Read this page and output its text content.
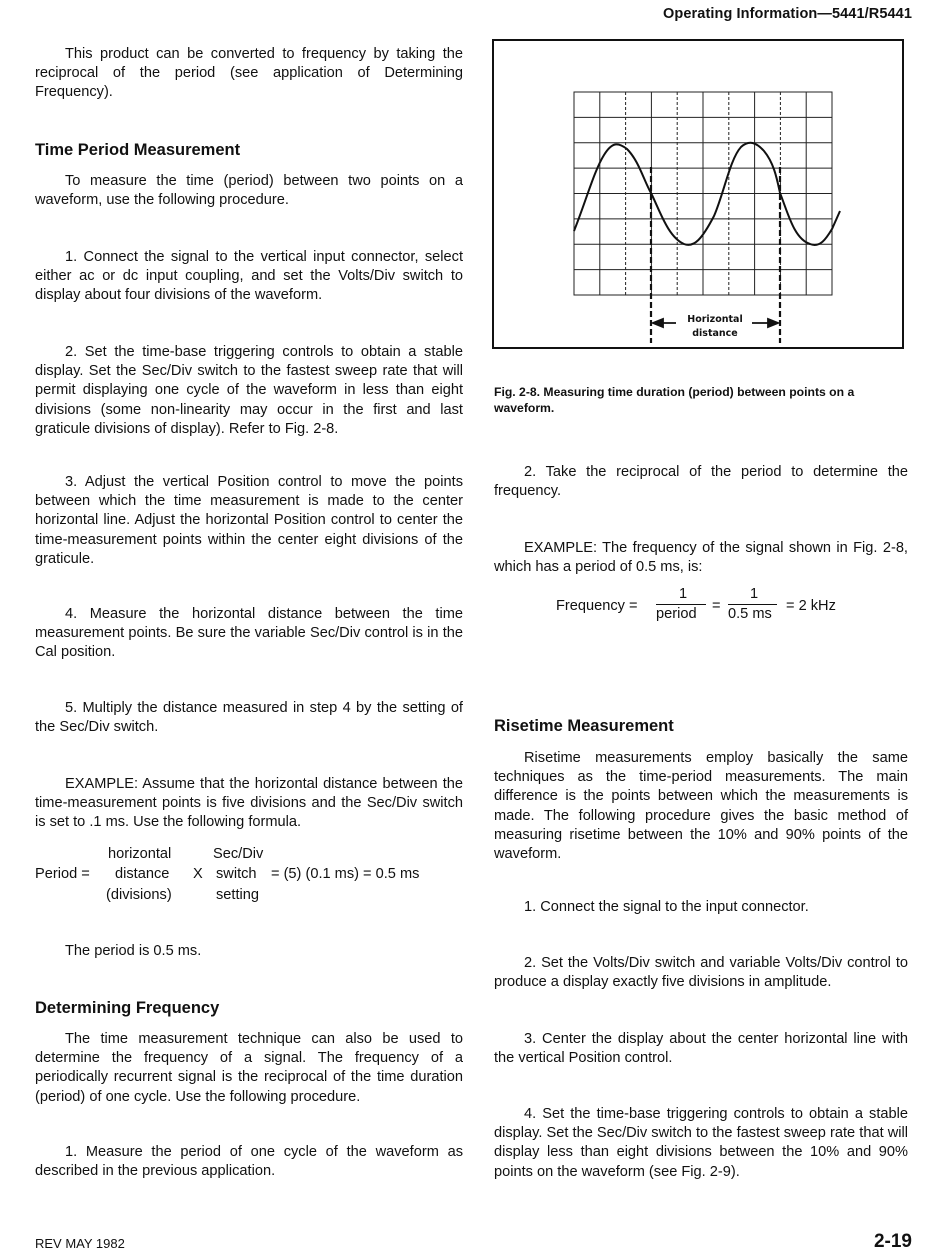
Operating Information—5441/R5441

This product can be converted to frequency by taking the reciprocal of the period (see application of Determining Frequency).

Time Period Measurement

To measure the time (period) between two points on a waveform, use the following procedure.

1. Connect the signal to the vertical input connector, select either ac or dc input coupling, and set the Volts/Div switch to display about four divisions of the waveform.

2. Set the time-base triggering controls to obtain a stable display. Set the Sec/Div switch to the fastest sweep rate that will permit displaying one cycle of the waveform in less than eight divisions (some non-linearity may occur in the first and last graticule divisions of display). Refer to Fig. 2-8.

3. Adjust the vertical Position control to move the points between which the time measurement is made to the center horizontal line. Adjust the horizontal Position control to center the time-measurement points within the center eight divisions of the graticule.

4. Measure the horizontal distance between the time measurement points. Be sure the variable Sec/Div control is in the Cal position.

5. Multiply the distance measured in step 4 by the setting of the Sec/Div switch.

EXAMPLE: Assume that the horizontal distance between the time-measurement points is five divisions and the Sec/Div switch is set to .1 ms. Use the following formula.

horizontal
Period = distance
(divisions)
X
Sec/Div
switch
setting
= (5) (0.1 ms) = 0.5 ms

The period is 0.5 ms.

Determining Frequency

The time measurement technique can also be used to determine the frequency of a signal. The frequency of a periodically recurrent signal is the reciprocal of the time duration (period) of one cycle. Use the following procedure.

1. Measure the period of one cycle of the waveform as described in the previous application.

Horizontal
distance
Fig. 2-8. Measuring time duration (period) between points on a waveform.

2. Take the reciprocal of the period to determine the frequency.

EXAMPLE: The frequency of the signal shown in Fig. 2-8, which has a period of 0.5 ms, is:

Frequency =
1
period =
1
0.5 ms = 2 kHz
Risetime Measurement

Risetime measurements employ basically the same techniques as the time-period measurements. The main difference is the points between which the measurements is made. The following procedure gives the basic method of measuring risetime between the 10% and 90% points of the waveform.

1. Connect the signal to the input connector.

2. Set the Volts/Div switch and variable Volts/Div control to produce a display exactly five divisions in amplitude.

3. Center the display about the center horizontal line with the vertical Position control.

4. Set the time-base triggering controls to obtain a stable display. Set the Sec/Div switch to the fastest sweep rate that will display less than eight divisions between the 10% and 90% points on the waveform (see Fig. 2-9).

REV MAY 1982	2-19
